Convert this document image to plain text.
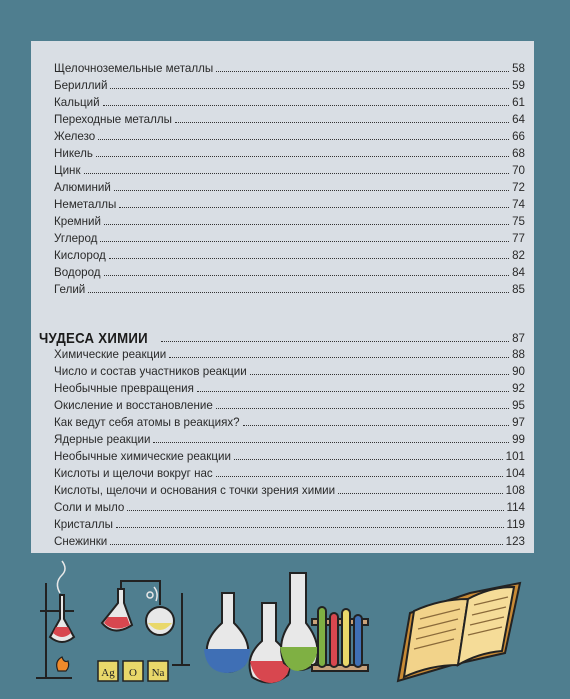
Щелочноземельные металлы	58
Бериллий	59
Кальций	61
Переходные металлы	64
Железо	66
Никель	68
Цинк	70
Алюминий	72
Неметаллы	74
Кремний	75
Углерод	77
Кислород	82
Водород	84
Гелий	85
ЧУДЕСА ХИМИИ	87
Химические реакции	88
Число и состав участников реакции	90
Необычные превращения	92
Окисление и восстановление	95
Как ведут себя атомы в реакциях?	97
Ядерные реакции	99
Необычные химические реакции	101
Кислоты и щелочи вокруг нас	104
Кислоты, щелочи и основания с точки зрения химии	108
Соли и мыло	114
Кристаллы	119
Снежинки	123
Ag O Na
